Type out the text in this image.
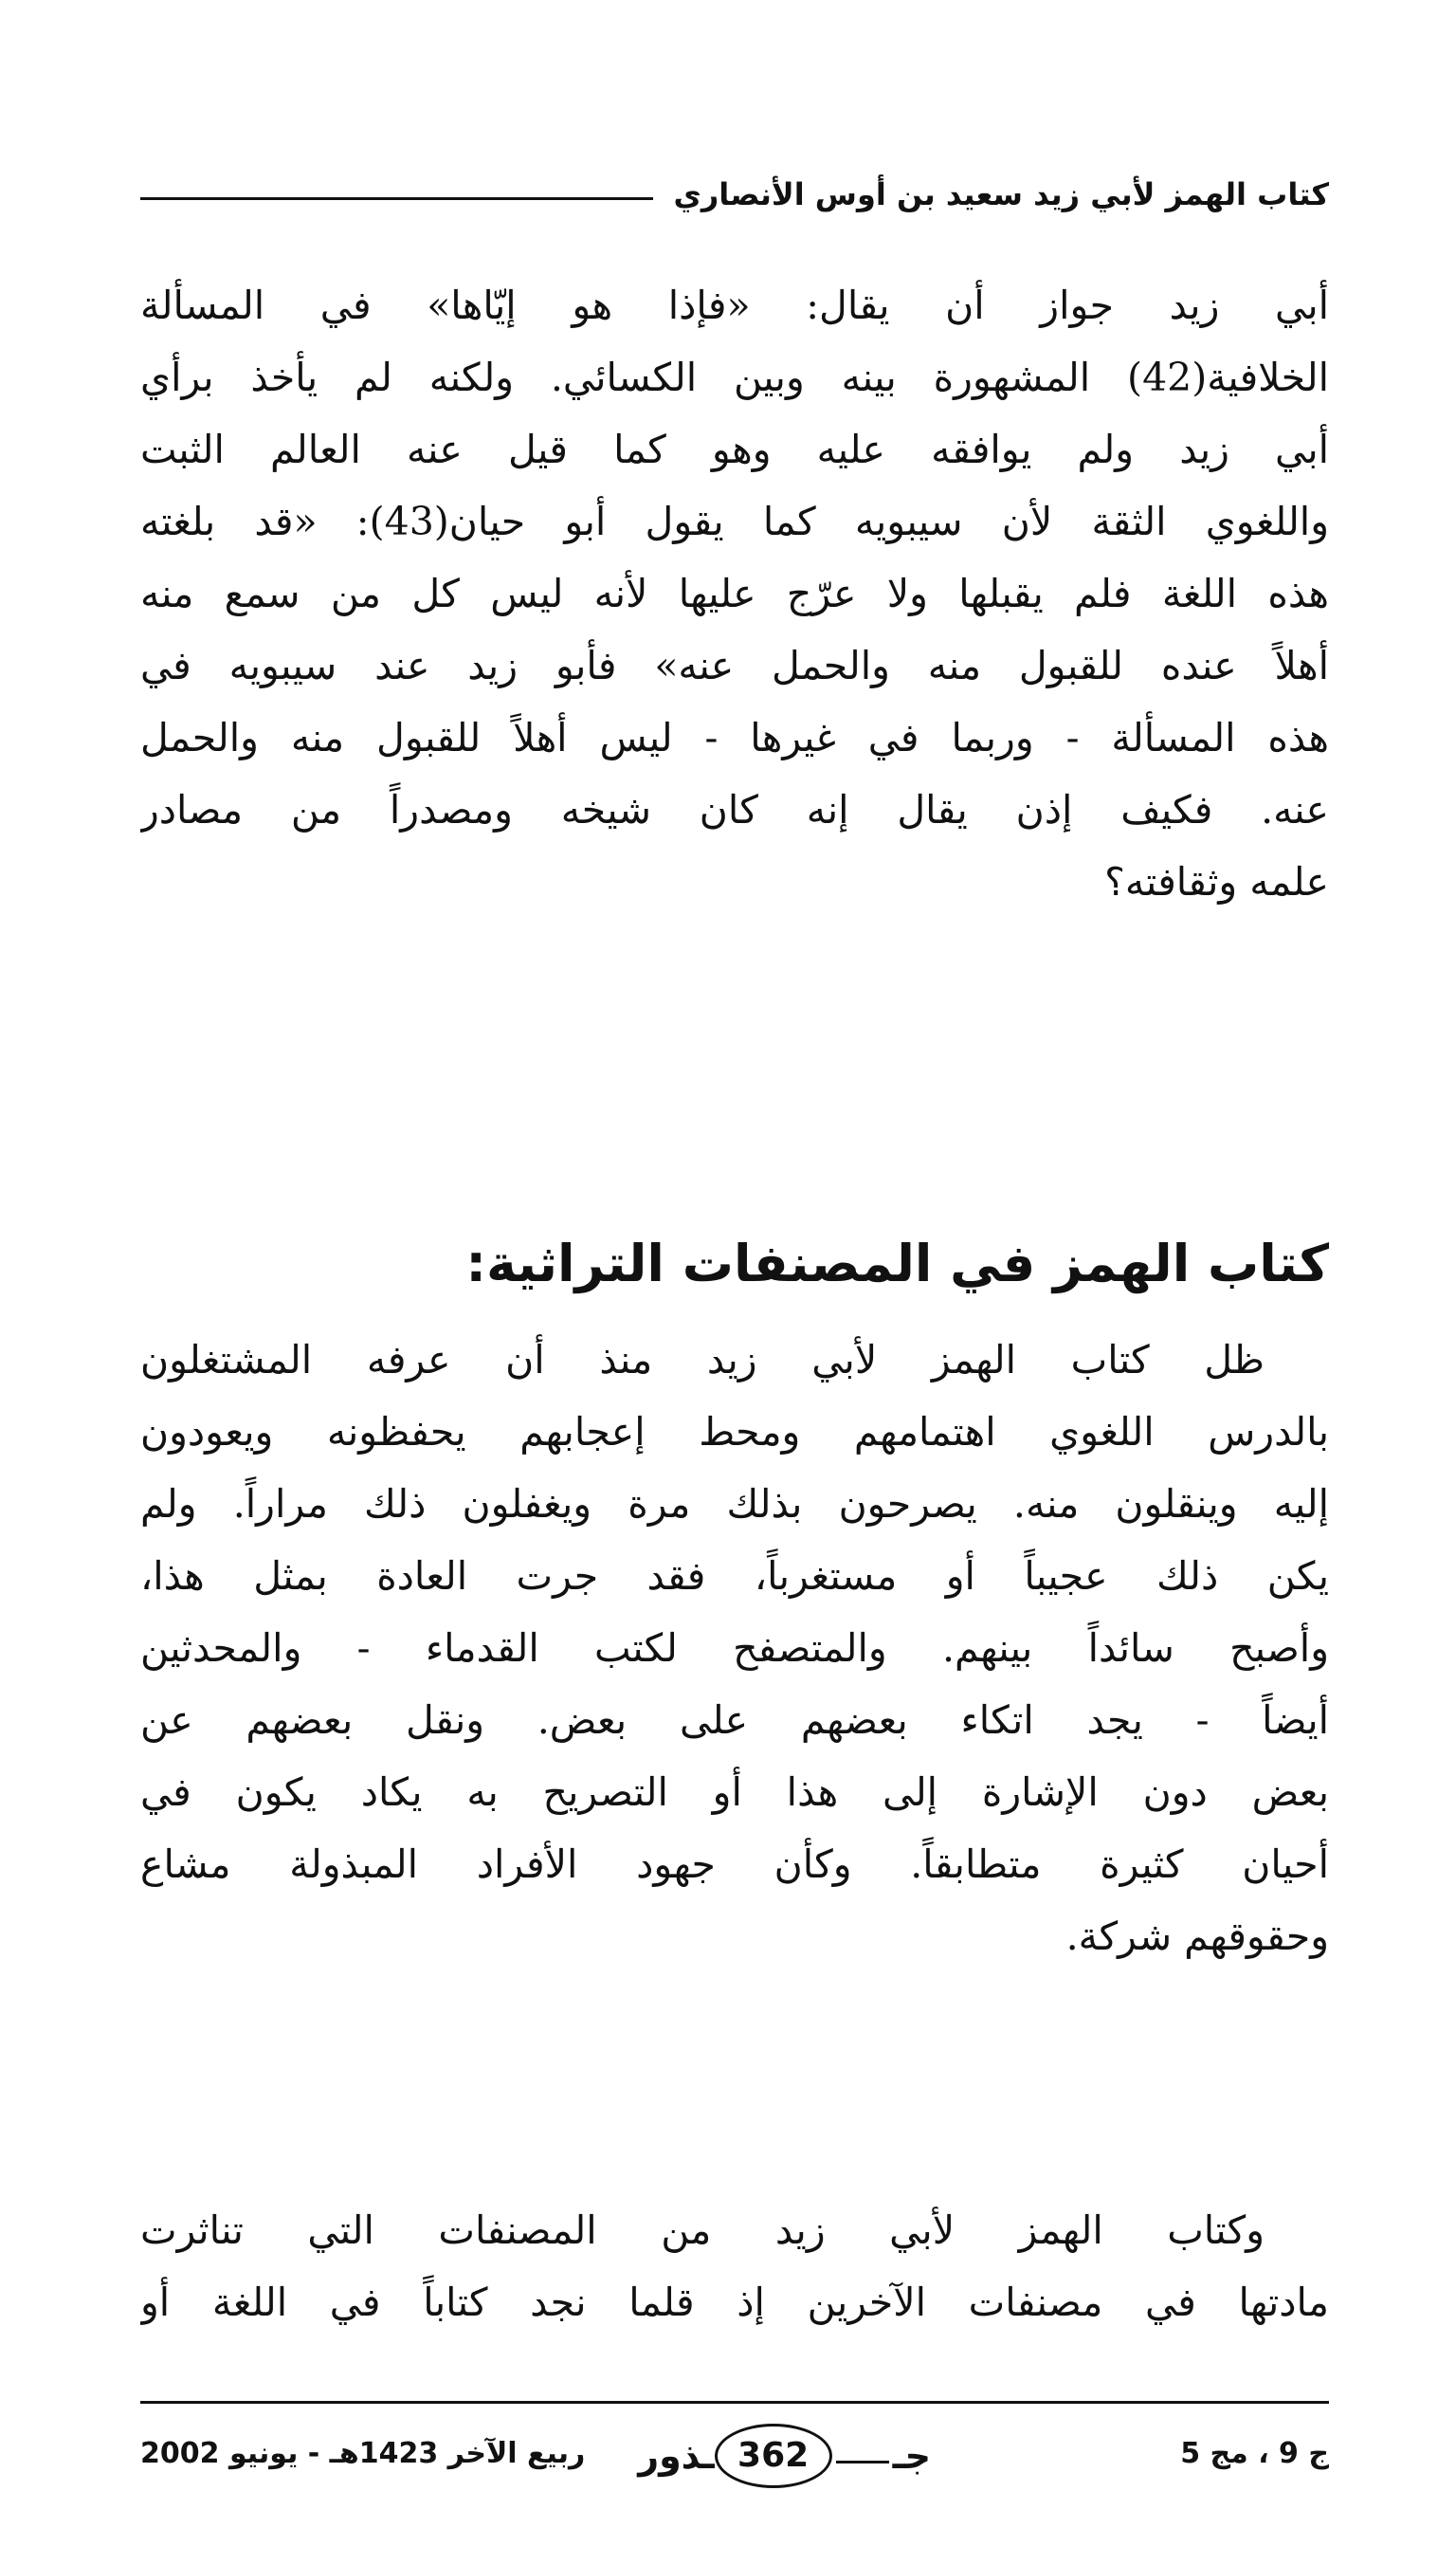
كتاب الهمز لأبي زيد سعيد بن أوس الأنصاري
أبي زيد جواز أن يقال: «فإذا هو إيّاها» في المسألة
الخلافية(42) المشهورة بينه وبين الكسائي. ولكنه لم يأخذ برأي
أبي زيد ولم يوافقه عليه وهو كما قيل عنه العالم الثبت
واللغوي الثقة لأن سيبويه كما يقول أبو حيان(43): «قد بلغته
هذه اللغة فلم يقبلها ولا عرّج عليها لأنه ليس كل من سمع منه
أهلاً عنده للقبول منه والحمل عنه» فأبو زيد عند سيبويه في
هذه المسألة - وربما في غيرها - ليس أهلاً للقبول منه والحمل
عنه. فكيف إذن يقال إنه كان شيخه ومصدراً من مصادر
علمه وثقافته؟
كتاب الهمز في المصنفات التراثية:
ظل كتاب الهمز لأبي زيد منذ أن عرفه المشتغلون
بالدرس اللغوي اهتمامهم ومحط إعجابهم يحفظونه ويعودون
إليه وينقلون منه. يصرحون بذلك مرة ويغفلون ذلك مراراً. ولم
يكن ذلك عجيباً أو مستغرباً، فقد جرت العادة بمثل هذا،
وأصبح سائداً بينهم. والمتصفح لكتب القدماء - والمحدثين
أيضاً - يجد اتكاء بعضهم على بعض. ونقل بعضهم عن
بعض دون الإشارة إلى هذا أو التصريح به يكاد يكون في
أحيان كثيرة متطابقاً. وكأن جهود الأفراد المبذولة مشاع
وحقوقهم شركة.
وكتاب الهمز لأبي زيد من المصنفات التي تناثرت
مادتها في مصنفات الآخرين إذ قلما نجد كتاباً في اللغة أو
ج 9 ، مج 5
جـ
362
ـذور
ربيع الآخر 1423هـ - يونيو 2002
